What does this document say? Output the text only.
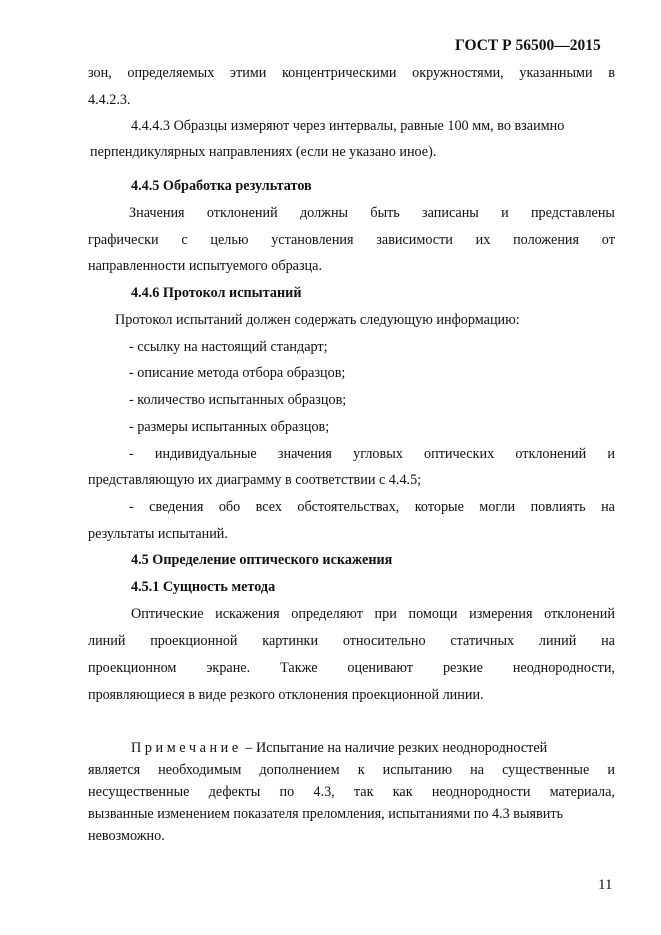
ГОСТ Р 56500—2015
зон, определяемых этими концентрическими окружностями, указанными в
4.4.2.3.
4.4.4.3 Образцы измеряют через интервалы, равные 100 мм, во взаимно
перпендикулярных направлениях (если не указано иное).
4.4.5 Обработка результатов
Значения отклонений должны быть записаны и представлены
графически с целью установления зависимости их положения от
направленности испытуемого образца.
4.4.6 Протокол испытаний
Протокол испытаний должен содержать следующую информацию:
- ссылку на настоящий стандарт;
- описание метода отбора образцов;
- количество испытанных образцов;
- размеры испытанных образцов;
- индивидуальные значения угловых оптических отклонений и
представляющую их диаграмму в соответствии с 4.4.5;
- сведения обо всех обстоятельствах, которые могли повлиять на
результаты испытаний.
4.5 Определение оптического искажения
4.5.1 Сущность метода
Оптические искажения определяют при помощи измерения отклонений
линий проекционной картинки относительно статичных линий на
проекционном экране. Также оценивают резкие неоднородности,
проявляющиеся в виде резкого отклонения проекционной линии.
Примечание – Испытание на наличие резких неоднородностей
является необходимым дополнением к испытанию на существенные и
несущественные дефекты по 4.3, так как неоднородности материала,
вызванные изменением показателя преломления, испытаниями по 4.3 выявить
невозможно.
11
